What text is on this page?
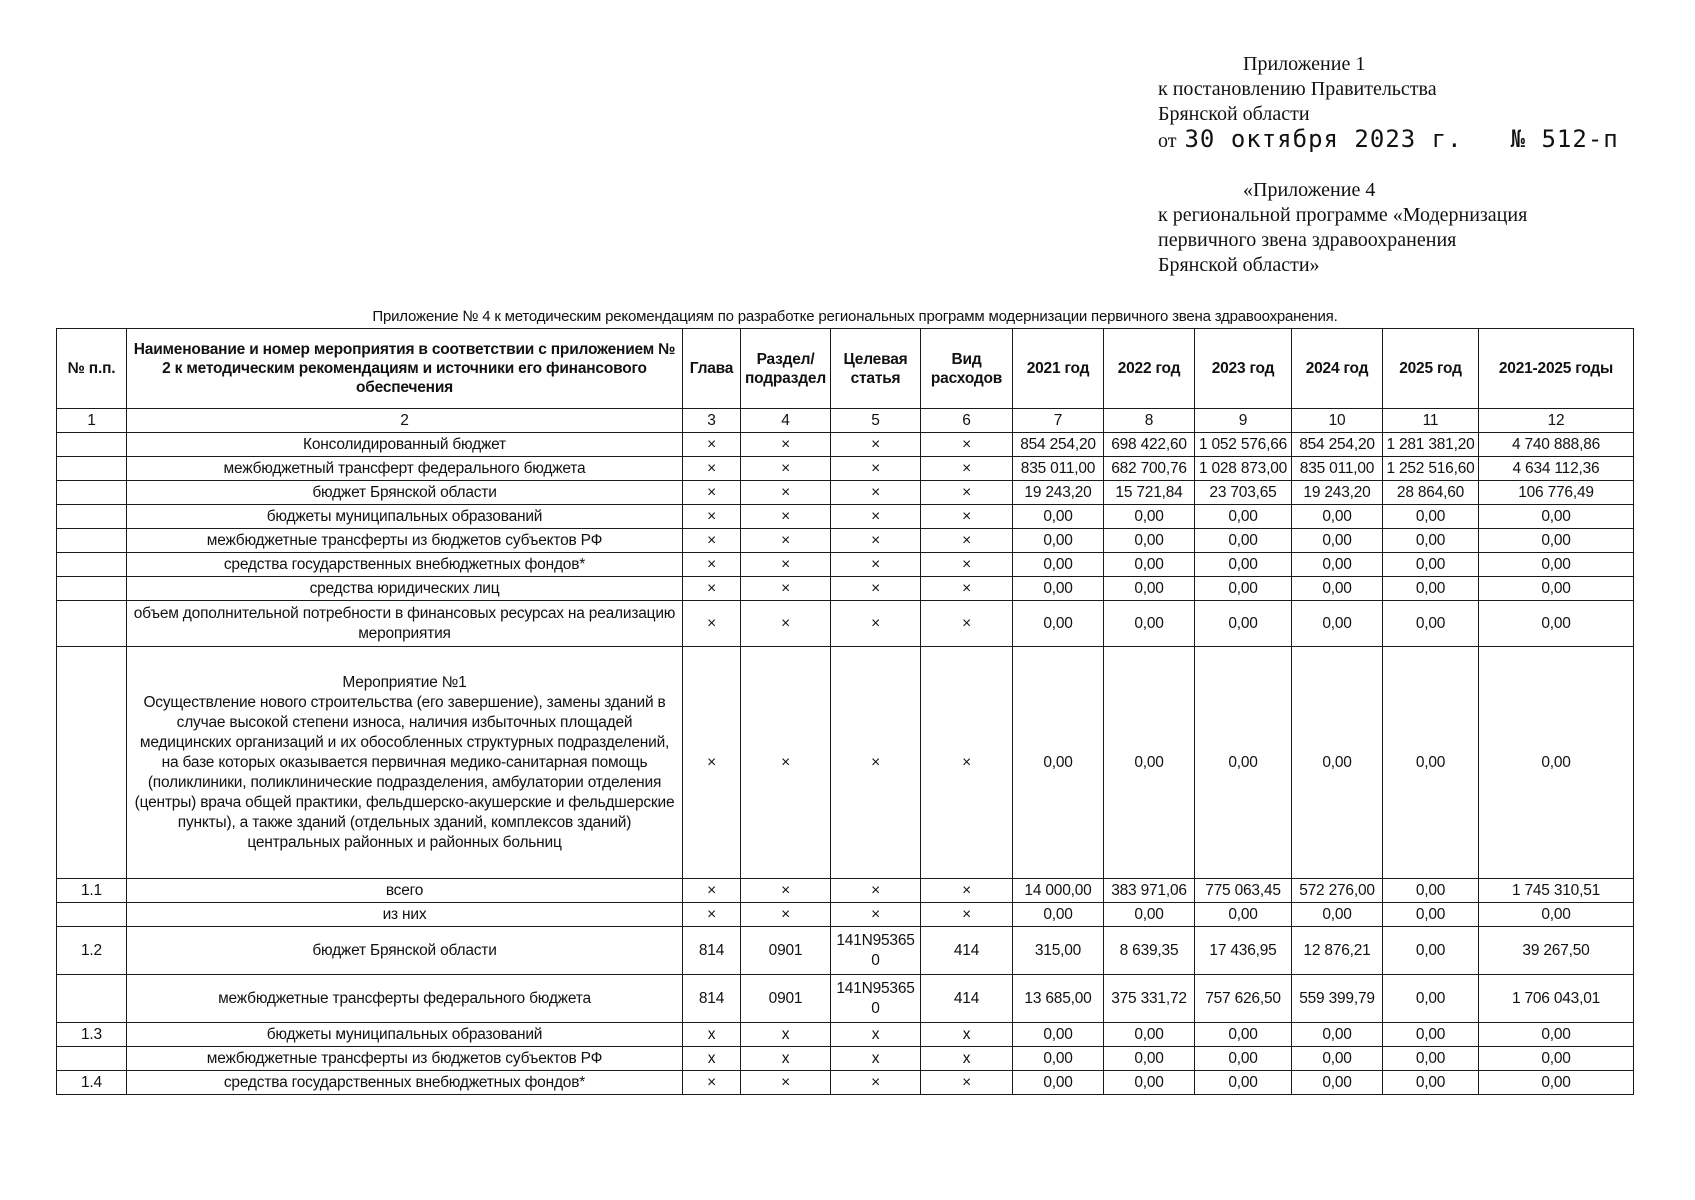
Приложение 1
к постановлению Правительства
Брянской области
от 30 октября 2023 г. № 512-п
«Приложение 4
к региональной программе «Модернизация
первичного звена здравоохранения
Брянской области»
Приложение № 4 к методическим рекомендациям по разработке региональных программ модернизации первичного звена здравоохранения.
№ п.п.	Наименование и номер мероприятия в соответствии с приложением № 2 к методическим рекомендациям и источники его финансового обеспечения	Глава	Раздел/ подраздел	Целевая статья	Вид расходов	2021 год	2022 год	2023 год	2024 год	2025 год	2021-2025 годы
1	2	3	4	5	6	7	8	9	10	11	12
	Консолидированный бюджет	×	×	×	×	854 254,20	698 422,60	1 052 576,66	854 254,20	1 281 381,20	4 740 888,86
	межбюджетный трансферт федерального бюджета	×	×	×	×	835 011,00	682 700,76	1 028 873,00	835 011,00	1 252 516,60	4 634 112,36
	бюджет Брянской области	×	×	×	×	19 243,20	15 721,84	23 703,65	19 243,20	28 864,60	106 776,49
	бюджеты муниципальных образований	×	×	×	×	0,00	0,00	0,00	0,00	0,00	0,00
	межбюджетные трансферты из бюджетов субъектов РФ	×	×	×	×	0,00	0,00	0,00	0,00	0,00	0,00
	средства государственных внебюджетных фондов*	×	×	×	×	0,00	0,00	0,00	0,00	0,00	0,00
	средства юридических лиц	×	×	×	×	0,00	0,00	0,00	0,00	0,00	0,00
	объем дополнительной потребности в финансовых ресурсах на реализацию мероприятия	×	×	×	×	0,00	0,00	0,00	0,00	0,00	0,00
	Мероприятие №1
Осуществление нового строительства (его завершение), замены зданий в случае высокой степени износа, наличия избыточных площадей медицинских организаций и их обособленных структурных подразделений, на базе которых оказывается первичная медико-санитарная помощь (поликлиники, поликлинические подразделения, амбулатории отделения (центры) врача общей практики, фельдшерско-акушерские и фельдшерские пункты), а также зданий (отдельных зданий, комплексов зданий) центральных районных и районных больниц	×	×	×	×	0,00	0,00	0,00	0,00	0,00	0,00
1.1	всего	×	×	×	×	14 000,00	383 971,06	775 063,45	572 276,00	0,00	1 745 310,51
	из них	×	×	×	×	0,00	0,00	0,00	0,00	0,00	0,00
1.2	бюджет Брянской области	814	0901	141N95365 0	414	315,00	8 639,35	17 436,95	12 876,21	0,00	39 267,50
	межбюджетные трансферты федерального бюджета	814	0901	141N95365 0	414	13 685,00	375 331,72	757 626,50	559 399,79	0,00	1 706 043,01
1.3	бюджеты муниципальных образований	x	x	x	x	0,00	0,00	0,00	0,00	0,00	0,00
	межбюджетные трансферты из бюджетов субъектов РФ	x	x	x	x	0,00	0,00	0,00	0,00	0,00	0,00
1.4	средства государственных внебюджетных фондов*	×	×	×	×	0,00	0,00	0,00	0,00	0,00	0,00
